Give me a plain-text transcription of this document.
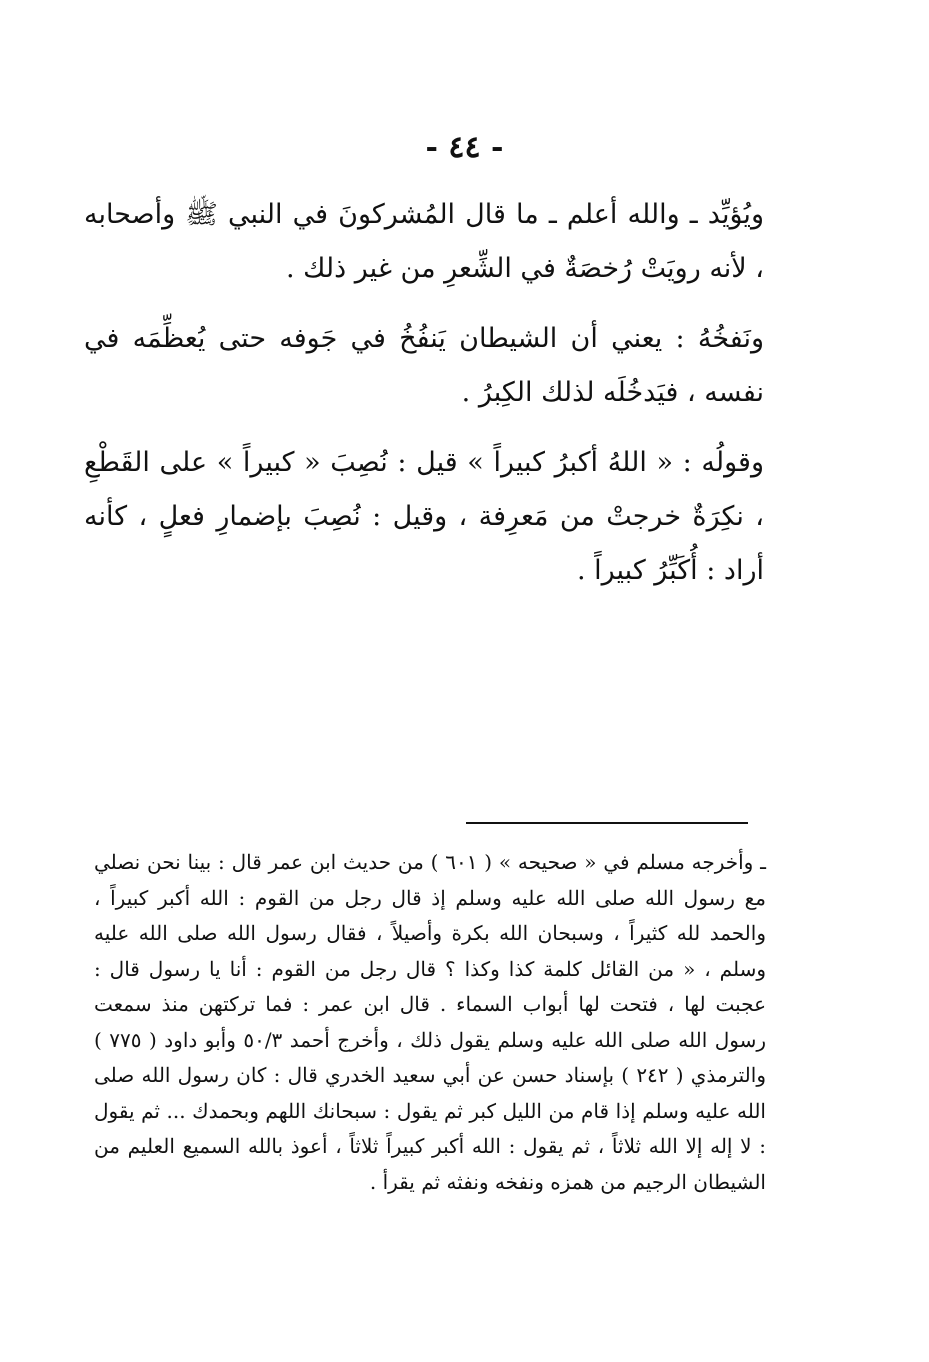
- ٤٤ -

ويُؤيِّد ـ والله أعلم ـ ما قال المُشركونَ في النبي ﷺ وأصحابه ، لأنه رويَتْ رُخصَةٌ في الشِّعرِ من غير ذلك .

ونَفخُهُ : يعني أن الشيطان يَنفُخُ في جَوفه حتى يُعظِّمَه في نفسه ، فيَدخُلَه لذلك الكِبرُ .

وقولُه : « اللهُ أكبرُ كبيراً » قيل : نُصِبَ « كبيراً » على القَطْعِ ، نكِرَةٌ خرجتْ من مَعرِفة ، وقيل : نُصِبَ بإضمارِ فعلٍ ، كأنه أراد : أُكَبِّرُ كبيراً .

ـ وأخرجه مسلم في « صحيحه » ( ٦٠١ ) من حديث ابن عمر قال : بينا نحن نصلي مع رسول الله صلى الله عليه وسلم إذ قال رجل من القوم : الله أكبر كبيراً ، والحمد لله كثيراً ، وسبحان الله بكرة وأصيلاً ، فقال رسول الله صلى الله عليه وسلم ، « من القائل كلمة كذا وكذا ؟ قال رجل من القوم : أنا يا رسول قال : عجبت لها ، فتحت لها أبواب السماء . قال ابن عمر : فما تركتهن منذ سمعت رسول الله صلى الله عليه وسلم يقول ذلك ، وأخرج أحمد ٥٠/٣ وأبو داود ( ٧٧٥ ) والترمذي ( ٢٤٢ ) بإسناد حسن عن أبي سعيد الخدري قال : كان رسول الله صلى الله عليه وسلم إذا قام من الليل كبر ثم يقول : سبحانك اللهم وبحمدك ... ثم يقول : لا إله إلا الله ثلاثاً ، ثم يقول : الله أكبر كبيراً ثلاثاً ، أعوذ بالله السميع العليم من الشيطان الرجيم من همزه ونفخه ونفثه ثم يقرأ .
